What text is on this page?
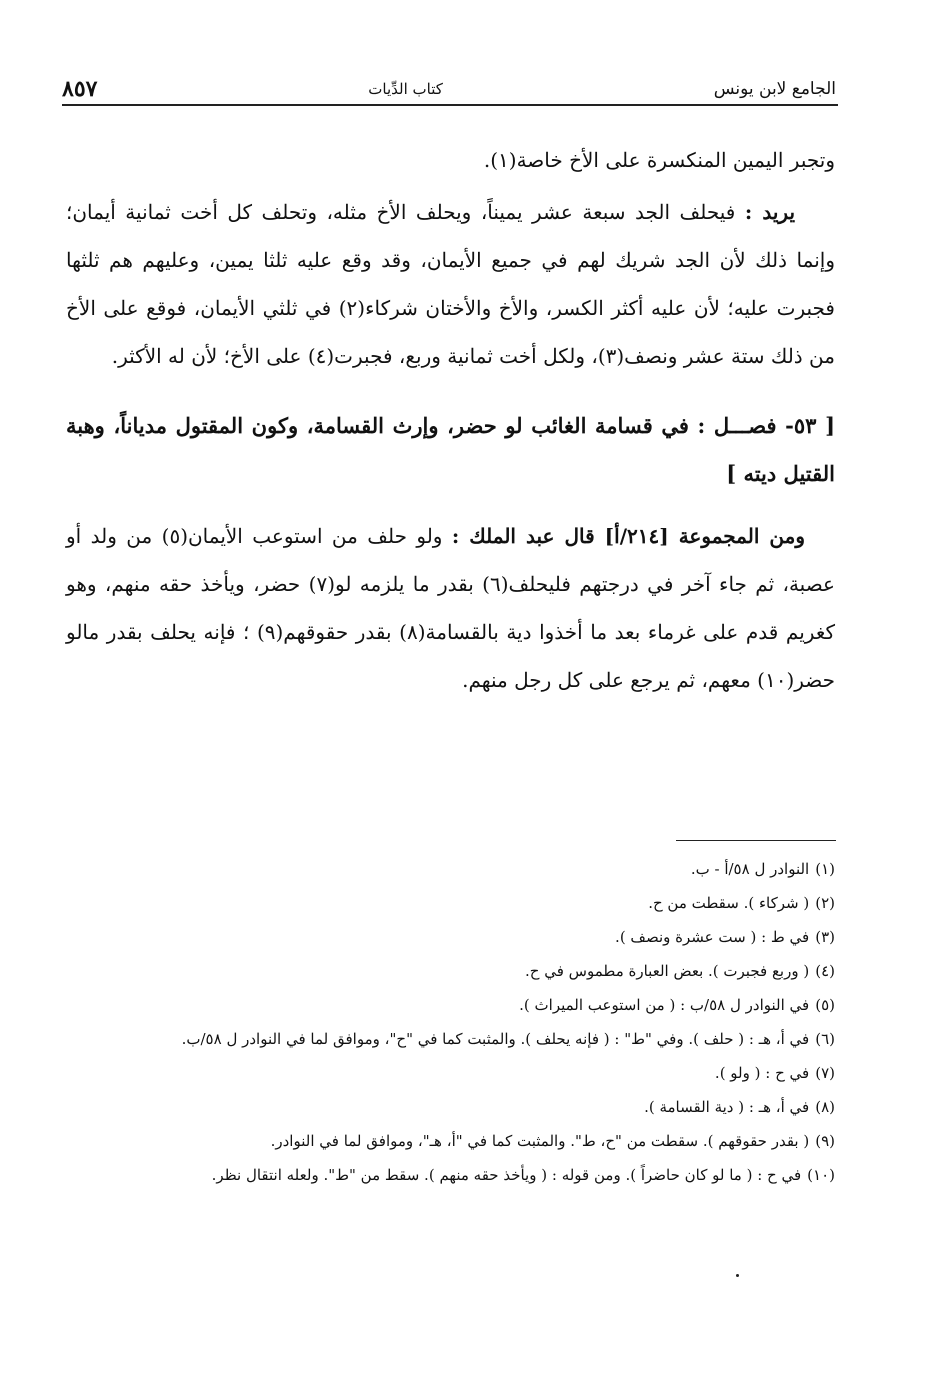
الجامع لابن يونس
كتاب الدِّيات
٨٥٧

وتجبر اليمين المنكسرة على الأخ خاصة(١).

يريد : فيحلف الجد سبعة عشر يميناً، ويحلف الأخ مثله، وتحلف كل أخت ثمانية أيمان؛ وإنما ذلك لأن الجد شريك لهم في جميع الأيمان، وقد وقع عليه ثلثا يمين، وعليهم هم ثلثها فجبرت عليه؛ لأن عليه أكثر الكسر، والأخ والأختان شركاء(٢) في ثلثي الأيمان، فوقع على الأخ من ذلك ستة عشر ونصف(٣)، ولكل أخت ثمانية وربع، فجبرت(٤) على الأخ؛ لأن له الأكثر.

[ ٥٣- فصـــل : في قسامة الغائب لو حضر، وإرث القسامة، وكون المقتول مدياناً، وهبة القتيل ديته ]

ومن المجموعة [٢١٤/أ] قال عبد الملك : ولو حلف من استوعب الأيمان(٥) من ولد أو عصبة، ثم جاء آخر في درجتهم فليحلف(٦) بقدر ما يلزمه لو(٧) حضر، ويأخذ حقه منهم، وهو كغريم قدم على غرماء بعد ما أخذوا دية بالقسامة(٨) بقدر حقوقهم(٩) ؛ فإنه يحلف بقدر مالو حضر(١٠) معهم، ثم يرجع على كل رجل منهم.

(١)
النوادر ل ٥٨/أ - ب.
(٢)
( شركاء ). سقطت من ح.
(٣)
في ط : ( ست عشرة ونصف ).
(٤)
( وربع فجبرت ). بعض العبارة مطموس في ح.
(٥)
في النوادر ل ٥٨/ب : ( من استوعب الميراث ).
(٦)
في أ، هـ : ( حلف ). وفي "ط" : ( فإنه يحلف ). والمثبت كما في "ح"، وموافق لما في النوادر ل ٥٨/ب.
(٧)
في ح : ( ولو ).
(٨)
في أ، هـ : ( دية القسامة ).
(٩)
( بقدر حقوقهم ). سقطت من "ح، ط". والمثبت كما في "أ، هـ"، وموافق لما في النوادر.
(١٠)
في ح : ( ما لو كان حاضراً ). ومن قوله : ( ويأخذ حقه منهم ). سقط من "ط". ولعله انتقال نظر.
